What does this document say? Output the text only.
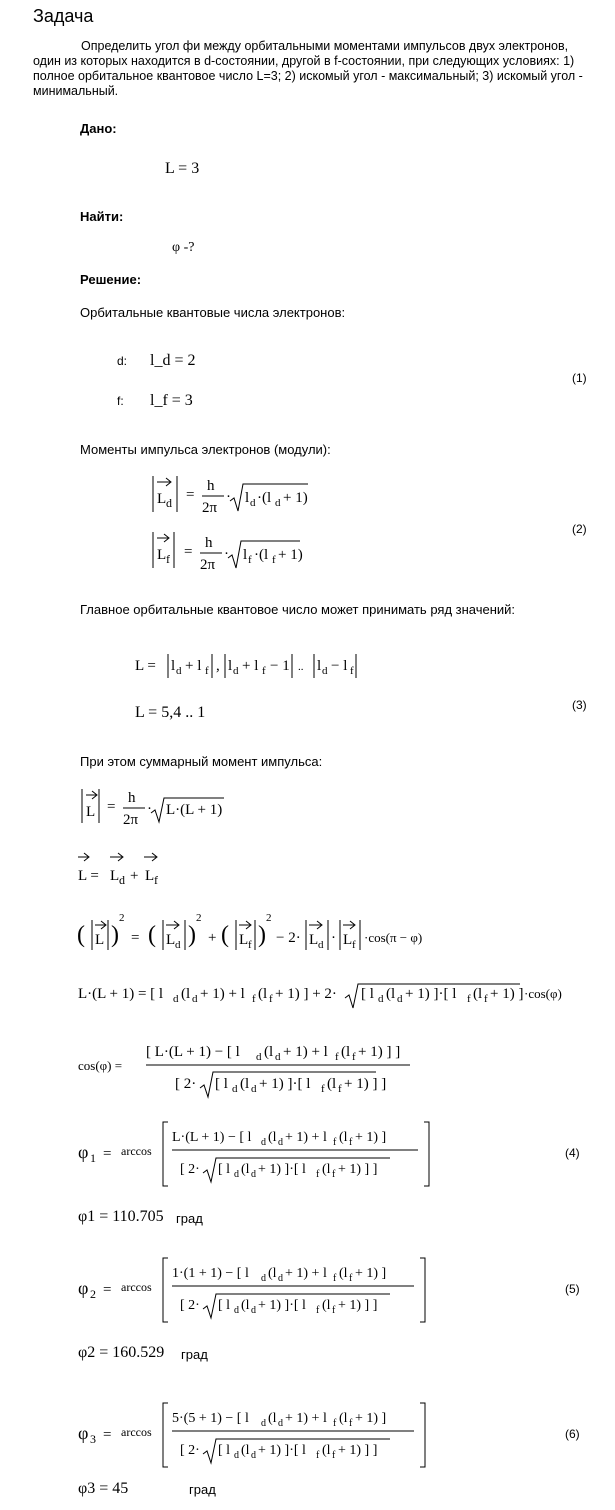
Задача
Определить угол фи между орбитальными моментами импульсов двух электронов, один из которых находится в d-состоянии, другой в f-состоянии, при следующих условиях: 1) полное орбитальное квантовое число L=3; 2) искомый угол - максимальный; 3) искомый угол - минимальный.
Дано:
L = 3
Найти:
φ -?
Решение:
Орбитальные квантовые числа электронов:
d: l_d = 2
f: l_f = 3
(1)
Моменты импульса электронов (модули):
(2)
Главное орбитальные квантовое число может принимать ряд значений:
L = 5,4 .. 1	(3)
При этом суммарный момент импульса:
(4)
φ1 = 110.705 град
(5)
φ2 = 160.529 град
(6)
φ3 = 45	град
L d =
h
2π
· l d ·(l d + 1)
L f =
h
2π
· l f ·(l f + 1)
L = l d + l f , l d + l f − 1 .. l d − l f
L =
h
2π
· L·(L + 1)
L = L d + L f
( L )
2
= ( L d )
2
+ ( L f )
2
− 2· L d · L f ·cos(π − φ)
L·(L + 1) = [ l d (l d + 1) + l f (l f + 1) ] + 2· [ l d (l d + 1) ]·[ l f (l f + 1) ] ·cos(φ)
cos(φ) =
[ L·(L + 1) − [ l d (l d + 1) + l f (l f + 1) ] ]
[ 2· [ l d (l d + 1) ]·[ l f (l f + 1) ] ]
φ 1 = arccos
L·(L + 1) − [ l d (l d + 1) + l f (l f + 1) ]
[ 2· [ l d (l d + 1) ]·[ l f (l f + 1) ] ]
φ 2 = arccos
1·(1 + 1) − [ l d (l d + 1) + l f (l f + 1) ]
[ 2· [ l d (l d + 1) ]·[ l f (l f + 1) ] ]
φ 3 = arccos
5·(5 + 1) − [ l d (l d + 1) + l f (l f + 1) ]
[ 2· [ l d (l d + 1) ]·[ l f (l f + 1) ] ]
